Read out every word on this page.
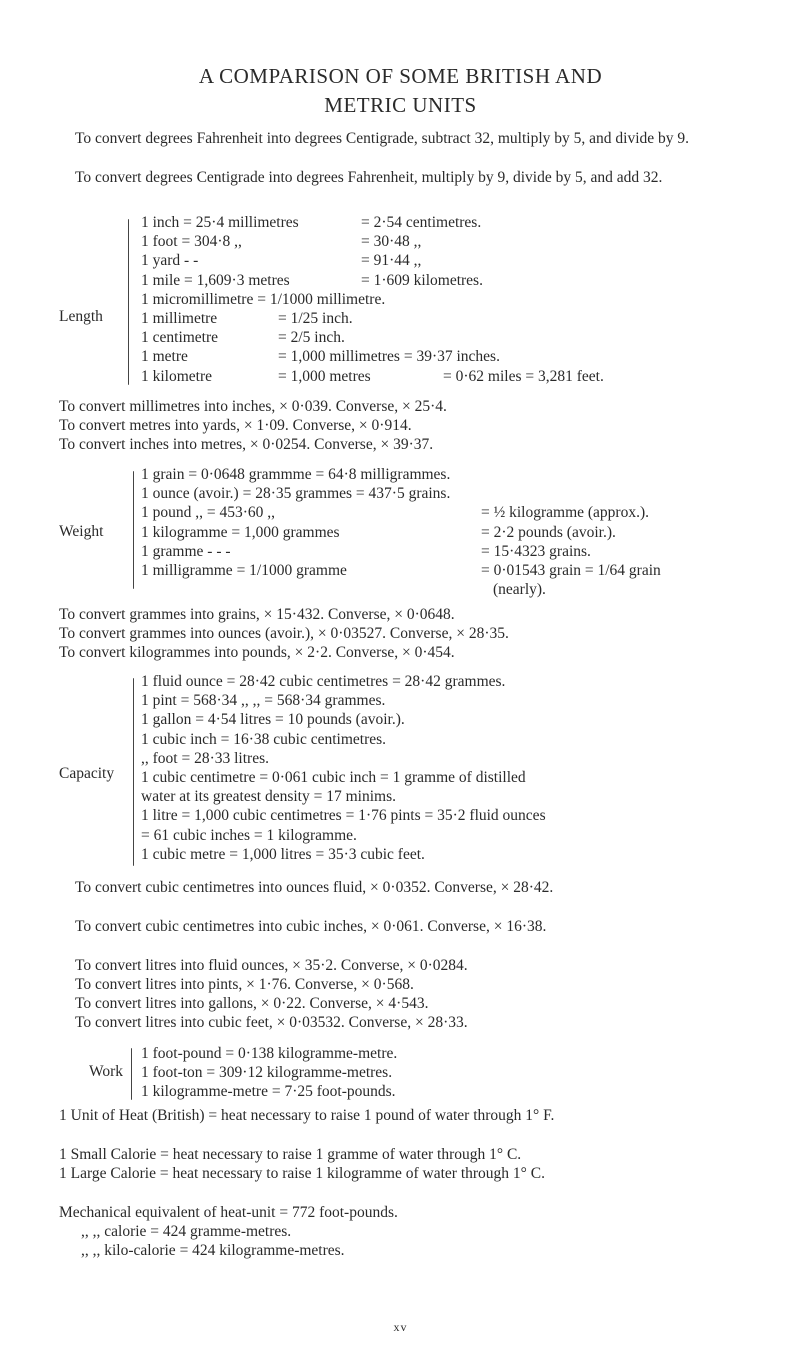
A COMPARISON OF SOME BRITISH AND
METRIC UNITS

To convert degrees Fahrenheit into degrees Centigrade, subtract 32, multiply by 5, and divide by 9.

To convert degrees Centigrade into degrees Fahrenheit, multiply by 9, divide by 5, and add 32.

Length
1 inch = 25·4 millimetres	= 2·54 centimetres.
1 foot = 304·8 ,,	= 30·48 ,,
1 yard - -	= 91·44 ,,
1 mile = 1,609·3 metres	= 1·609 kilometres.
1 micromillimetre = 1/1000 millimetre.
1 millimetre	= 1/25 inch.
1 centimetre	= 2/5 inch.
1 metre	= 1,000 millimetres = 39·37 inches.
1 kilometre	= 1,000 metres	= 0·62 miles = 3,281 feet.

To convert millimetres into inches, × 0·039. Converse, × 25·4.

To convert metres into yards, × 1·09. Converse, × 0·914.

To convert inches into metres, × 0·0254. Converse, × 39·37.

Weight
1 grain = 0·0648 grammme = 64·8 milligrammes.
1 ounce (avoir.) = 28·35 grammes = 437·5 grains.
1 pound ,, = 453·60 ,,	= ½ kilogramme (approx.).
1 kilogramme = 1,000 grammes	= 2·2 pounds (avoir.).
1 gramme - - -	= 15·4323 grains.
1 milligramme = 1/1000 gramme	= 0·01543 grain = 1/64 grain
(nearly).

To convert grammes into grains, × 15·432. Converse, × 0·0648.

To convert grammes into ounces (avoir.), × 0·03527. Converse, × 28·35.

To convert kilogrammes into pounds, × 2·2. Converse, × 0·454.

Capacity
1 fluid ounce = 28·42 cubic centimetres = 28·42 grammes.
1 pint = 568·34 ,, ,, = 568·34 grammes.
1 gallon = 4·54 litres = 10 pounds (avoir.).
1 cubic inch = 16·38 cubic centimetres.
,, foot = 28·33 litres.
1 cubic centimetre = 0·061 cubic inch = 1 gramme of distilled
water at its greatest density = 17 minims.
1 litre = 1,000 cubic centimetres = 1·76 pints = 35·2 fluid ounces
= 61 cubic inches = 1 kilogramme.
1 cubic metre = 1,000 litres = 35·3 cubic feet.

To convert cubic centimetres into ounces fluid, × 0·0352. Converse, × 28·42.

To convert cubic centimetres into cubic inches, × 0·061. Converse, × 16·38.

To convert litres into fluid ounces, × 35·2. Converse, × 0·0284.

To convert litres into pints, × 1·76. Converse, × 0·568.

To convert litres into gallons, × 0·22. Converse, × 4·543.

To convert litres into cubic feet, × 0·03532. Converse, × 28·33.

Work
1 foot-pound = 0·138 kilogramme-metre.
1 foot-ton = 309·12 kilogramme-metres.
1 kilogramme-metre = 7·25 foot-pounds.

1 Unit of Heat (British) = heat necessary to raise 1 pound of water through 1° F.

1 Small Calorie = heat necessary to raise 1 gramme of water through 1° C.

1 Large Calorie = heat necessary to raise 1 kilogramme of water through 1° C.

Mechanical equivalent of heat-unit = 772 foot-pounds.

,, ,, calorie = 424 gramme-metres.

,, ,, kilo-calorie = 424 kilogramme-metres.

xv
